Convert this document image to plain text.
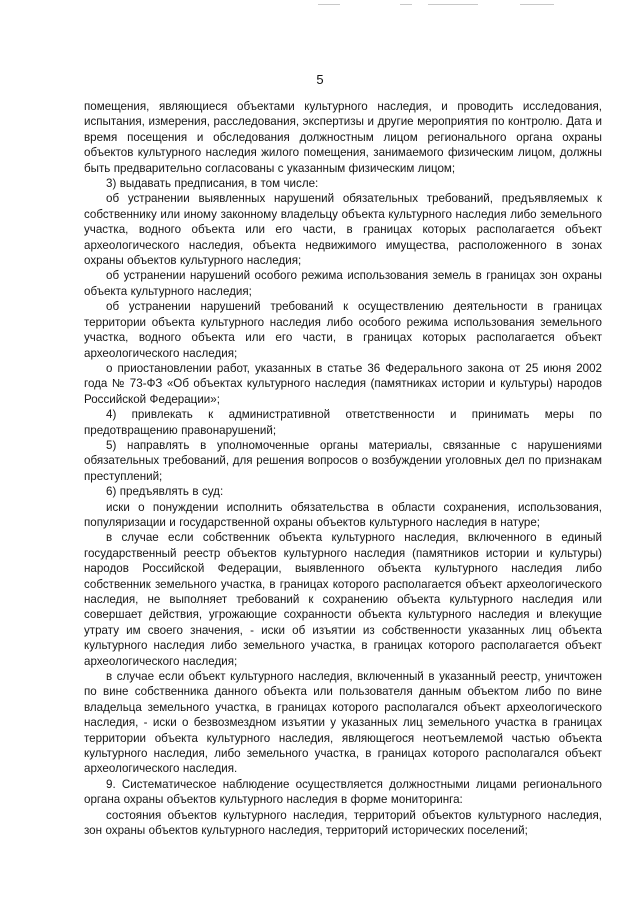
5

помещения, являющиеся объектами культурного наследия, и проводить исследования, испытания, измерения, расследования, экспертизы и другие мероприятия по контролю. Дата и время посещения и обследования должностным лицом регионального органа охраны объектов культурного наследия жилого помещения, занимаемого физическим лицом, должны быть предварительно согласованы с указанным физическим лицом;

3) выдавать предписания, в том числе:

об устранении выявленных нарушений обязательных требований, предъявляемых к собственнику или иному законному владельцу объекта культурного наследия либо земельного участка, водного объекта или его части, в границах которых располагается объект археологического наследия, объекта недвижимого имущества, расположенного в зонах охраны объектов культурного наследия;

об устранении нарушений особого режима использования земель в границах зон охраны объекта культурного наследия;

об устранении нарушений требований к осуществлению деятельности в границах территории объекта культурного наследия либо особого режима использования земельного участка, водного объекта или его части, в границах которых располагается объект археологического наследия;

о приостановлении работ, указанных в статье 36 Федерального закона от 25 июня 2002 года № 73-ФЗ «Об объектах культурного наследия (памятниках истории и культуры) народов Российской Федерации»;

4) привлекать к административной ответственности и принимать меры по предотвращению правонарушений;

5) направлять в уполномоченные органы материалы, связанные с нарушениями обязательных требований, для решения вопросов о возбуждении уголовных дел по признакам преступлений;

6) предъявлять в суд:

иски о понуждении исполнить обязательства в области сохранения, использования, популяризации и государственной охраны объектов культурного наследия в натуре;

в случае если собственник объекта культурного наследия, включенного в единый государственный реестр объектов культурного наследия (памятников истории и культуры) народов Российской Федерации, выявленного объекта культурного наследия либо собственник земельного участка, в границах которого располагается объект археологического наследия, не выполняет требований к сохранению объекта культурного наследия или совершает действия, угрожающие сохранности объекта культурного наследия и влекущие утрату им своего значения, - иски об изъятии из собственности указанных лиц объекта культурного наследия либо земельного участка, в границах которого располагается объект археологического наследия;

в случае если объект культурного наследия, включенный в указанный реестр, уничтожен по вине собственника данного объекта или пользователя данным объектом либо по вине владельца земельного участка, в границах которого располагался объект археологического наследия, - иски о безвозмездном изъятии у указанных лиц земельного участка в границах территории объекта культурного наследия, являющегося неотъемлемой частью объекта культурного наследия, либо земельного участка, в границах которого располагался объект археологического наследия.

9. Систематическое наблюдение осуществляется должностными лицами регионального органа охраны объектов культурного наследия в форме мониторинга:

состояния объектов культурного наследия, территорий объектов культурного наследия, зон охраны объектов культурного наследия, территорий исторических поселений;
